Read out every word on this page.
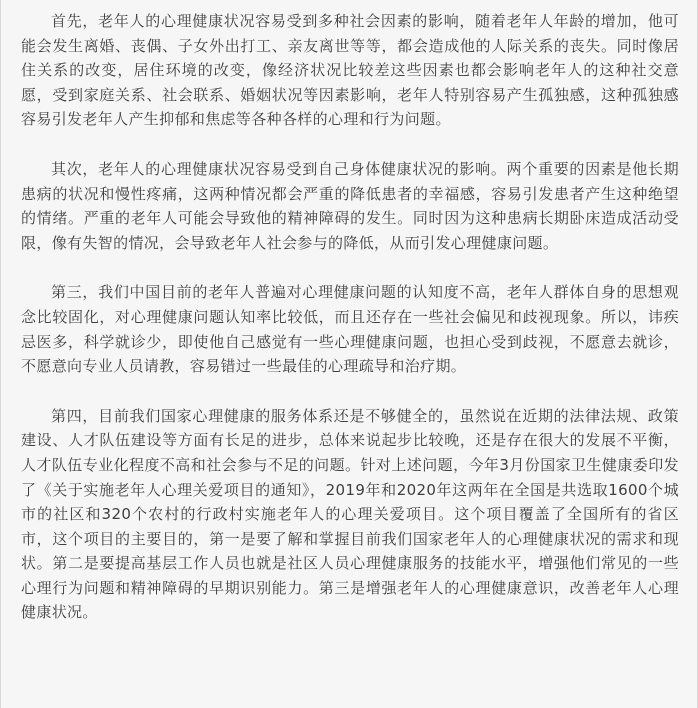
首先，老年人的心理健康状况容易受到多种社会因素的影响，随着老年人年龄的增加，他可能会发生离婚、丧偶、子女外出打工、亲友离世等等，都会造成他的人际关系的丧失。同时像居住关系的改变，居住环境的改变，像经济状况比较差这些因素也都会影响老年人的这种社交意愿，受到家庭关系、社会联系、婚姻状况等因素影响，老年人特别容易产生孤独感，这种孤独感容易引发老年人产生抑郁和焦虑等各种各样的心理和行为问题。

其次，老年人的心理健康状况容易受到自己身体健康状况的影响。两个重要的因素是他长期患病的状况和慢性疼痛，这两种情况都会严重的降低患者的幸福感，容易引发患者产生这种绝望的情绪。严重的老年人可能会导致他的精神障碍的发生。同时因为这种患病长期卧床造成活动受限，像有失智的情况，会导致老年人社会参与的降低，从而引发心理健康问题。

第三，我们中国目前的老年人普遍对心理健康问题的认知度不高，老年人群体自身的思想观念比较固化，对心理健康问题认知率比较低，而且还存在一些社会偏见和歧视现象。所以，讳疾忌医多，科学就诊少，即使他自己感觉有一些心理健康问题，也担心受到歧视，不愿意去就诊，不愿意向专业人员请教，容易错过一些最佳的心理疏导和治疗期。

第四，目前我们国家心理健康的服务体系还是不够健全的，虽然说在近期的法律法规、政策建设、人才队伍建设等方面有长足的进步，总体来说起步比较晚，还是存在很大的发展不平衡，人才队伍专业化程度不高和社会参与不足的问题。针对上述问题，今年3月份国家卫生健康委印发了《关于实施老年人心理关爱项目的通知》，2019年和2020年这两年在全国是共选取1600个城市的社区和320个农村的行政村实施老年人的心理关爱项目。这个项目覆盖了全国所有的省区市，这个项目的主要目的，第一是要了解和掌握目前我们国家老年人的心理健康状况的需求和现状。第二是要提高基层工作人员也就是社区人员心理健康服务的技能水平，增强他们常见的一些心理行为问题和精神障碍的早期识别能力。第三是增强老年人的心理健康意识，改善老年人心理健康状况。
